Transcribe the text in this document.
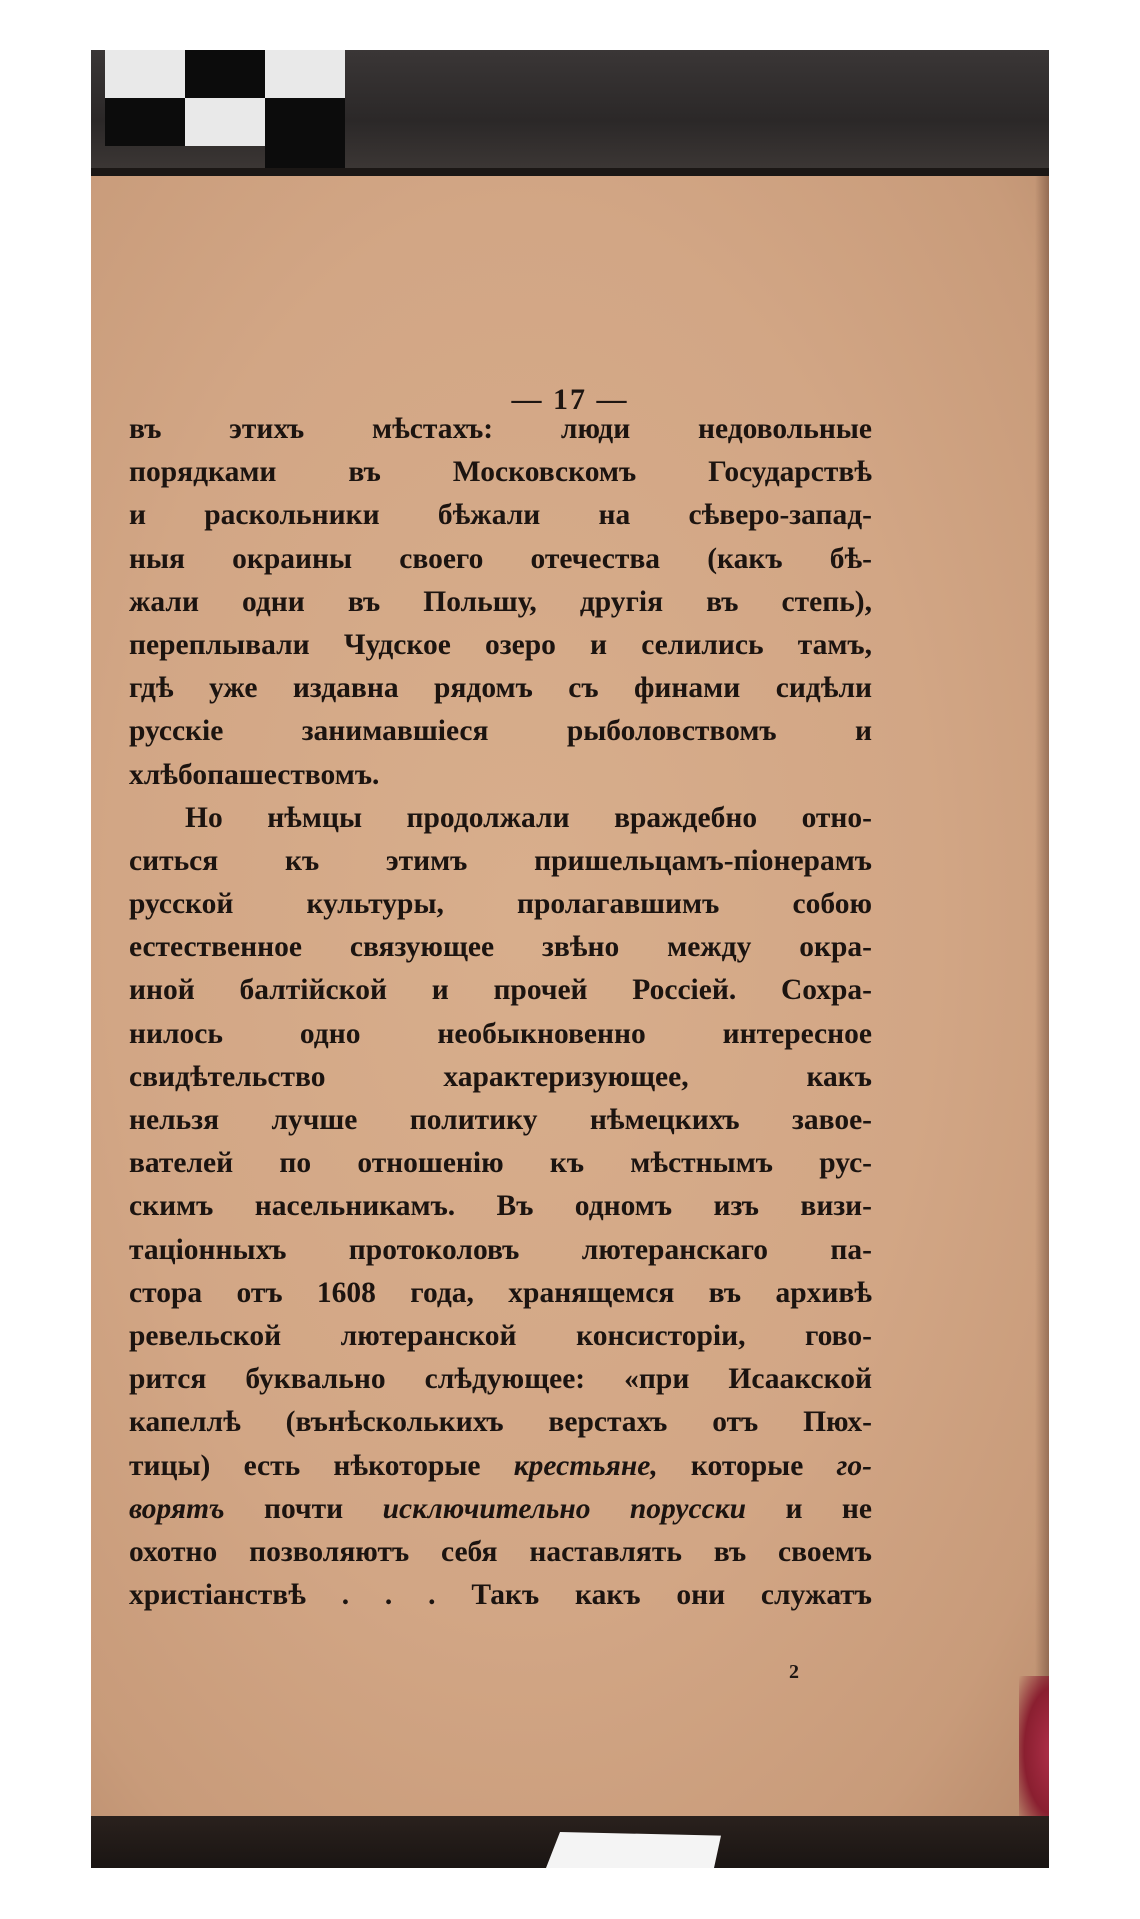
— 17 —
въ этихъ мѣстахъ: люди недовольные
порядками въ Московскомъ Государствѣ
и раскольники бѣжали на сѣверо-запад-
ныя окраины своего отечества (какъ бѣ-
жали одни въ Польшу, другія въ степь),
переплывали Чудское озеро и селились тамъ,
гдѣ уже издавна рядомъ съ финами сидѣли
русскіе занимавшіеся рыболовствомъ и
хлѣбопашествомъ.
Но нѣмцы продолжали враждебно отно-
ситься къ этимъ пришельцамъ-піонерамъ
русской культуры, пролагавшимъ собою
естественное связующее звѣно между окра-
иной балтійской и прочей Россіей. Сохра-
нилось одно необыкновенно интересное
свидѣтельство характеризующее, какъ
нельзя лучше политику нѣмецкихъ завое-
вателей по отношенію къ мѣстнымъ рус-
скимъ насельникамъ. Въ одномъ изъ визи-
таціонныхъ протоколовъ лютеранскаго па-
стора отъ 1608 года, хранящемся въ архивѣ
ревельской лютеранской консисторіи, гово-
рится буквально слѣдующее: «при Исаакской
капеллѣ (вънѣсколькихъ верстахъ отъ Пюх-
тицы) есть нѣкоторые крестьяне, которые го-
ворятъ почти исключительно порусски и не
охотно позволяютъ себя наставлять въ своемъ
христіанствѣ . . . Такъ какъ они служатъ
2
